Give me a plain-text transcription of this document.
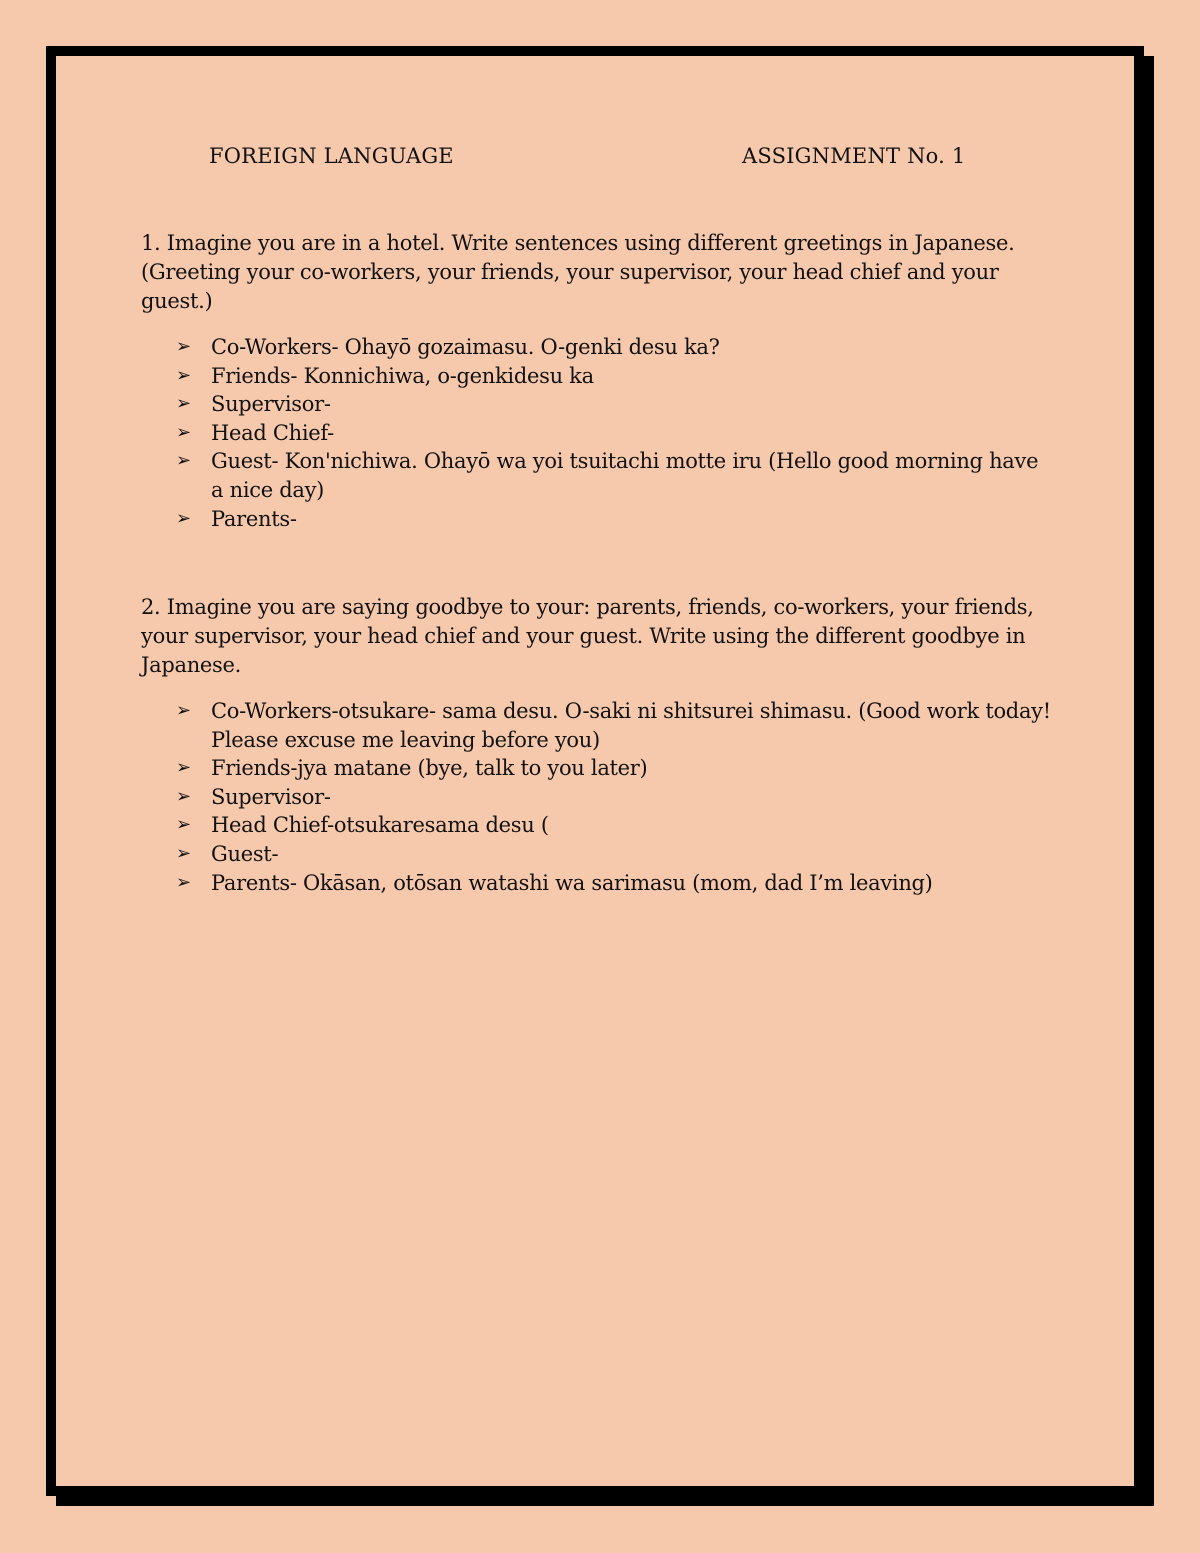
FOREIGN LANGUAGE	ASSIGNMENT No. 1
1. Imagine you are in a hotel. Write sentences using different greetings in Japanese. (Greeting your co-workers, your friends, your supervisor, your head chief and your guest.)
➢ Co-Workers- Ohayō gozaimasu. O-genki desu ka?
➢ Friends- Konnichiwa, o-genkidesu ka
➢ Supervisor-
➢ Head Chief-
➢ Guest- Kon'nichiwa. Ohayō wa yoi tsuitachi motte iru (Hello good morning have a nice day)
➢ Parents-
2. Imagine you are saying goodbye to your: parents, friends, co-workers, your friends, your supervisor, your head chief and your guest. Write using the different goodbye in Japanese.
➢ Co-Workers-otsukare- sama desu. O-saki ni shitsurei shimasu. (Good work today! Please excuse me leaving before you)
➢ Friends-jya matane (bye, talk to you later)
➢ Supervisor-
➢ Head Chief-otsukaresama desu (
➢ Guest-
➢ Parents- Okāsan, otōsan watashi wa sarimasu (mom, dad I’m leaving)
